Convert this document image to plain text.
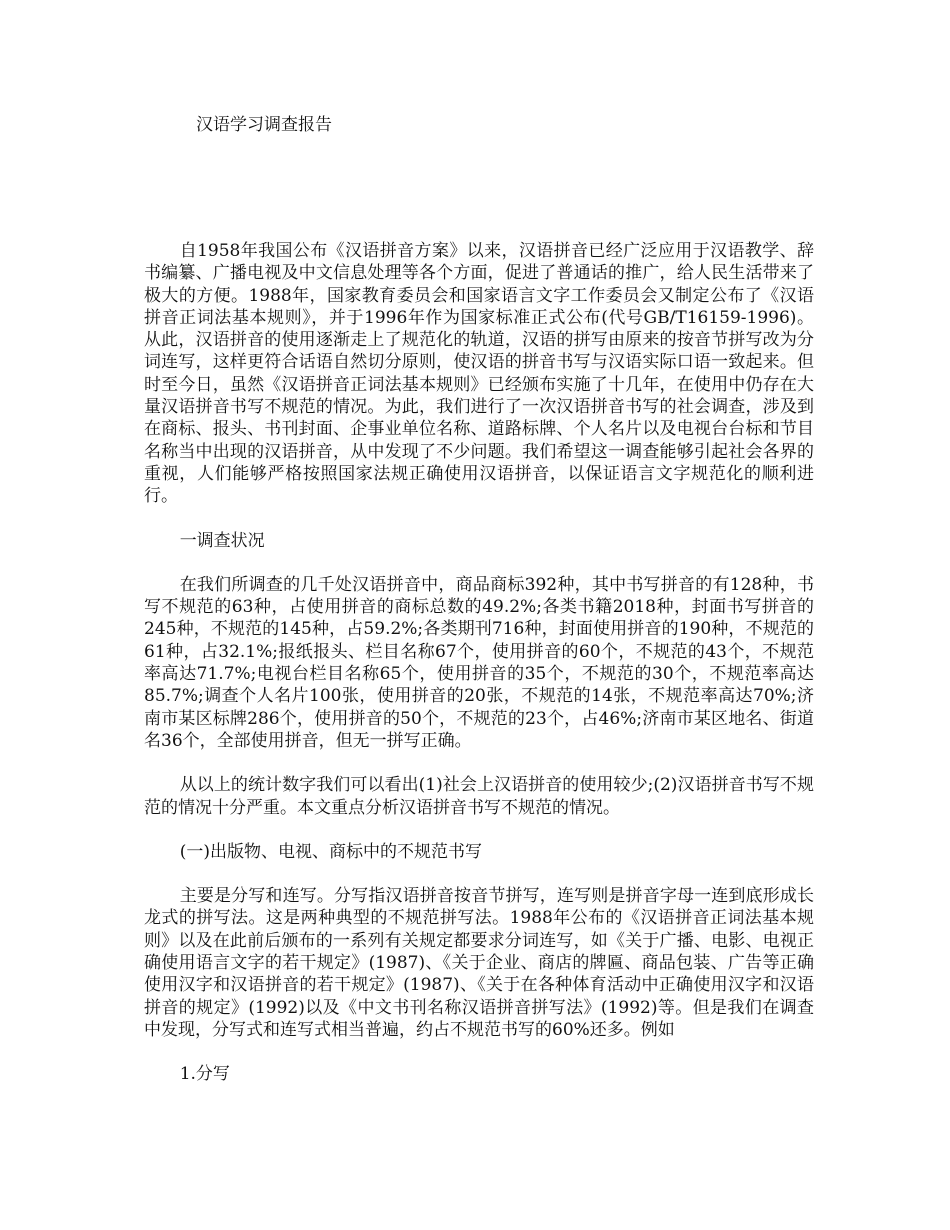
汉语学习调查报告

自1958年我国公布《汉语拼音方案》以来，汉语拼音已经广泛应用于汉语教学、辞书编纂、广播电视及中文信息处理等各个方面，促进了普通话的推广，给人民生活带来了极大的方便。1988年，国家教育委员会和国家语言文字工作委员会又制定公布了《汉语拼音正词法基本规则》，并于1996年作为国家标准正式公布(代号GB/T16159-1996)。从此，汉语拼音的使用逐渐走上了规范化的轨道，汉语的拼写由原来的按音节拼写改为分词连写，这样更符合话语自然切分原则，使汉语的拼音书写与汉语实际口语一致起来。但时至今日，虽然《汉语拼音正词法基本规则》已经颁布实施了十几年，在使用中仍存在大量汉语拼音书写不规范的情况。为此，我们进行了一次汉语拼音书写的社会调查，涉及到在商标、报头、书刊封面、企事业单位名称、道路标牌、个人名片以及电视台台标和节目名称当中出现的汉语拼音，从中发现了不少问题。我们希望这一调查能够引起社会各界的重视，人们能够严格按照国家法规正确使用汉语拼音，以保证语言文字规范化的顺利进行。

一调查状况

在我们所调查的几千处汉语拼音中，商品商标392种，其中书写拼音的有128种，书写不规范的63种，占使用拼音的商标总数的49.2%;各类书籍2018种，封面书写拼音的245种，不规范的145种，占59.2%;各类期刊716种，封面使用拼音的190种，不规范的61种，占32.1%;报纸报头、栏目名称67个，使用拼音的60个，不规范的43个，不规范率高达71.7%;电视台栏目名称65个，使用拼音的35个，不规范的30个，不规范率高达85.7%;调查个人名片100张，使用拼音的20张，不规范的14张，不规范率高达70%;济南市某区标牌286个，使用拼音的50个，不规范的23个，占46%;济南市某区地名、街道名36个，全部使用拼音，但无一拼写正确。

从以上的统计数字我们可以看出(1)社会上汉语拼音的使用较少;(2)汉语拼音书写不规范的情况十分严重。本文重点分析汉语拼音书写不规范的情况。

(一)出版物、电视、商标中的不规范书写

主要是分写和连写。分写指汉语拼音按音节拼写，连写则是拼音字母一连到底形成长龙式的拼写法。这是两种典型的不规范拼写法。1988年公布的《汉语拼音正词法基本规则》以及在此前后颁布的一系列有关规定都要求分词连写，如《关于广播、电影、电视正确使用语言文字的若干规定》(1987)、《关于企业、商店的牌匾、商品包装、广告等正确使用汉字和汉语拼音的若干规定》(1987)、《关于在各种体育活动中正确使用汉字和汉语拼音的规定》(1992)以及《中文书刊名称汉语拼音拼写法》(1992)等。但是我们在调查中发现，分写式和连写式相当普遍，约占不规范书写的60%还多。例如

1.分写
